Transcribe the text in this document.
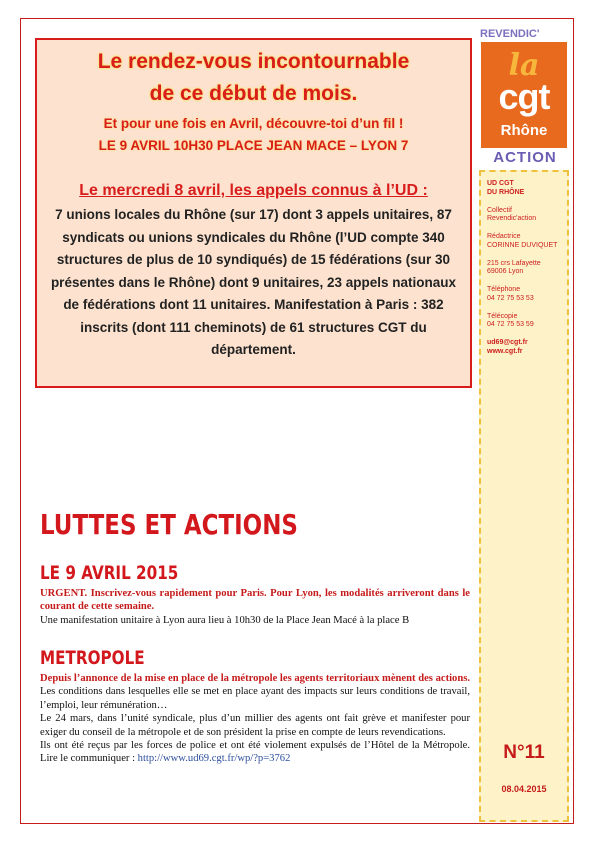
REVENDIC'
la
cgt
Rhône
ACTION

UD CGT
DU RHÔNE

Collectif
Revendic'action

Rédactrice
CORINNE DUVIQUET

215 crs Lafayette
69006 Lyon

Téléphone
04 72 75 53 53

Télécopie
04 72 75 53 59

ud69@cgt.fr
www.cgt.fr

N°11
08.04.2015
Le rendez-vous incontournable
de ce début de mois.
Et pour une fois en Avril, découvre-toi d’un fil !
LE 9 AVRIL 10H30 PLACE JEAN MACE – LYON 7
Le mercredi 8 avril, les appels connus à l’UD :
7 unions locales du Rhône (sur 17) dont 3 appels unitaires, 87 syndicats ou unions syndicales du Rhône (l’UD compte 340 structures de plus de 10 syndiqués) de 15 fédérations (sur 30 présentes dans le Rhône) dont 9 unitaires, 23 appels nationaux de fédérations dont 11 unitaires. Manifestation à Paris : 382 inscrits (dont 111 cheminots) de 61 structures CGT du département.
LUTTES ET ACTIONS
LE 9 AVRIL 2015
URGENT. Inscrivez-vous rapidement pour Paris. Pour Lyon, les modalités arriveront dans le courant de cette semaine.
Une manifestation unitaire à Lyon aura lieu à 10h30 de la Place Jean Macé à la place B
METROPOLE
Depuis l’annonce de la mise en place de la métropole les agents territoriaux mènent des actions. Les conditions dans lesquelles elle se met en place ayant des impacts sur leurs conditions de travail, l’emploi, leur rémunération…
Le 24 mars, dans l’unité syndicale, plus d’un millier des agents ont fait grève et manifester pour exiger du conseil de la métropole et de son président la prise en compte de leurs revendications.
Ils ont été reçus par les forces de police et ont été violement expulsés de l’Hôtel de la Métropole. Lire le communiquer : http://www.ud69.cgt.fr/wp/?p=3762
